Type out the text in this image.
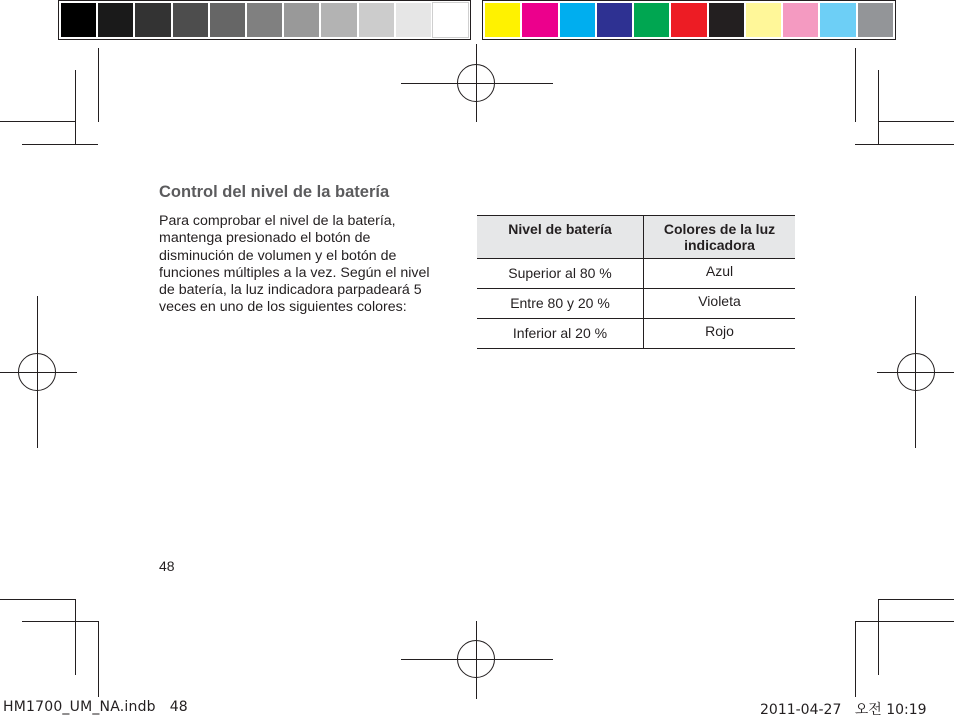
Control del nivel de la batería
Para comprobar el nivel de la batería,
mantenga presionado el botón de
disminución de volumen y el botón de
funciones múltiples a la vez. Según el nivel
de batería, la luz indicadora parpadeará 5
veces en uno de los siguientes colores:
Nivel de batería	Colores de la luz indicadora
Superior al 80 %	Azul
Entre 80 y 20 %	Violeta
Inferior al 20 %	Rojo
48
HM1700_UM_NA.indb   48	2011-04-27   오전 10:19
